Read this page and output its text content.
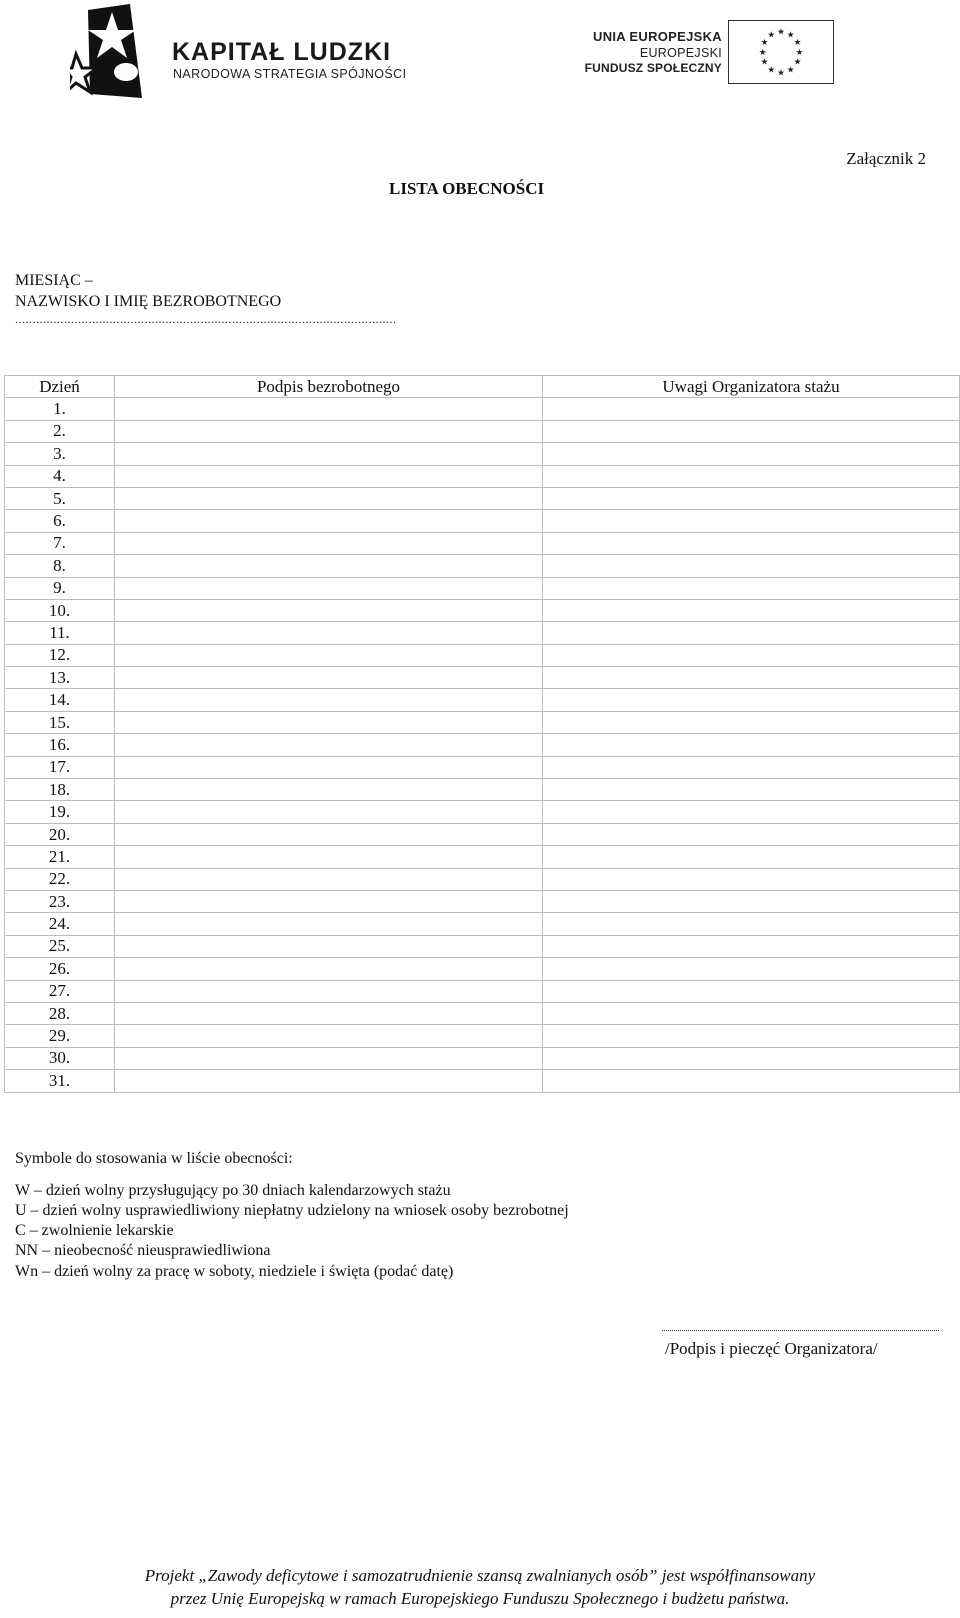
KAPITAŁ LUDZKI
NARODOWA STRATEGIA SPÓJNOŚCI
UNIA EUROPEJSKA
EUROPEJSKI
FUNDUSZ SPOŁECZNY
★ ★
★
★
★
★
★
★
★
★
★
★
Załącznik 2
LISTA OBECNOŚCI
MIESIĄC –
NAZWISKO I IMIĘ BEZROBOTNEGO
.............................................................................................................
Dzień	Podpis bezrobotnego	Uwagi Organizatora stażu
1.		
2.		
3.		
4.		
5.		
6.		
7.		
8.		
9.		
10.		
11.		
12.		
13.		
14.		
15.		
16.		
17.		
18.		
19.		
20.		
21.		
22.		
23.		
24.		
25.		
26.		
27.		
28.		
29.		
30.		
31.		
Symbole do stosowania w liście obecności:
W – dzień wolny przysługujący po 30 dniach kalendarzowych stażu
U – dzień wolny usprawiedliwiony niepłatny udzielony na wniosek osoby bezrobotnej
C – zwolnienie lekarskie
NN – nieobecność nieusprawiedliwiona
Wn – dzień wolny za pracę w soboty, niedziele i święta (podać datę)
/Podpis i pieczęć Organizatora/
Projekt „Zawody deficytowe i samozatrudnienie szansą zwalnianych osób” jest współfinansowany
przez Unię Europejską w ramach Europejskiego Funduszu Społecznego i budżetu państwa.
